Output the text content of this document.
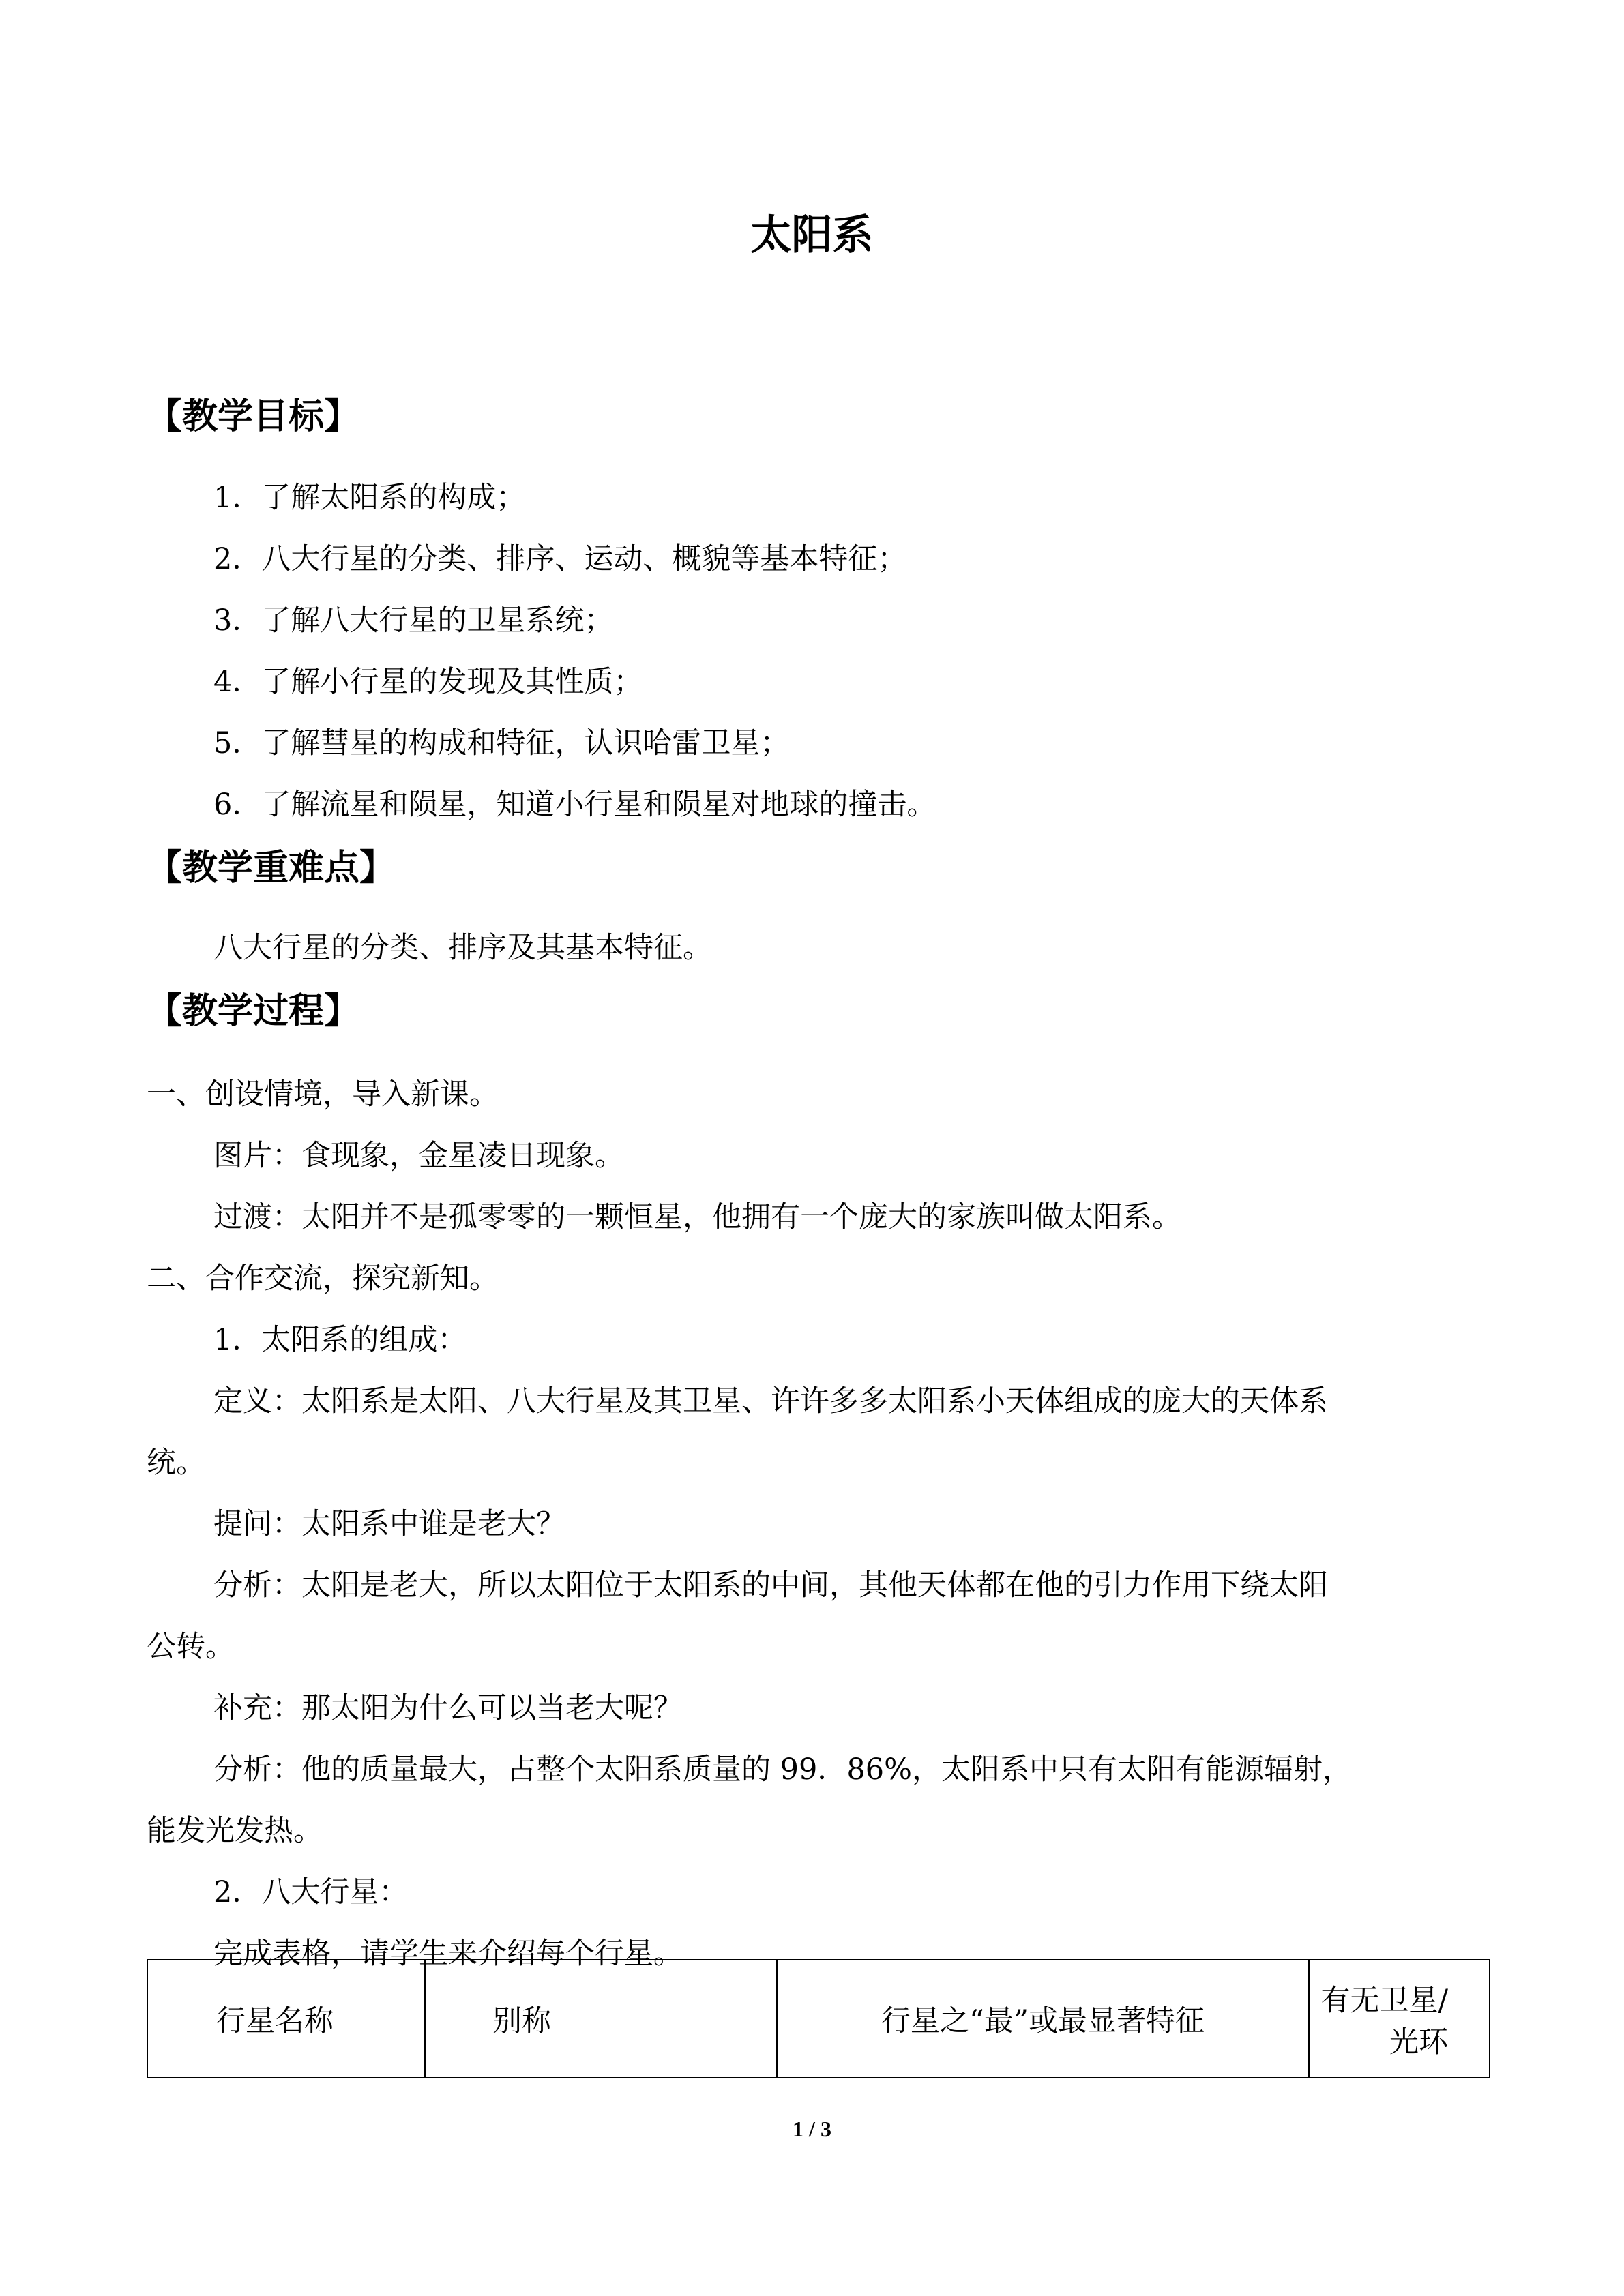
太阳系
【教学目标】
1．了解太阳系的构成；
2．八大行星的分类、排序、运动、概貌等基本特征；
3．了解八大行星的卫星系统；
4．了解小行星的发现及其性质；
5．了解彗星的构成和特征，认识哈雷卫星；
6．了解流星和陨星，知道小行星和陨星对地球的撞击。
【教学重难点】
八大行星的分类、排序及其基本特征。
【教学过程】
一、创设情境，导入新课。
图片：食现象，金星凌日现象。
过渡：太阳并不是孤零零的一颗恒星，他拥有一个庞大的家族叫做太阳系。
二、合作交流，探究新知。
1．太阳系的组成：
定义：太阳系是太阳、八大行星及其卫星、许许多多太阳系小天体组成的庞大的天体系
统。
提问：太阳系中谁是老大？
分析：太阳是老大，所以太阳位于太阳系的中间，其他天体都在他的引力作用下绕太阳
公转。
补充：那太阳为什么可以当老大呢？
分析：他的质量最大，占整个太阳系质量的 99．86%，太阳系中只有太阳有能源辐射，
能发光发热。
2．八大行星：
完成表格，请学生来介绍每个行星。
行星名称	别称	行星之“最”或最显著特征	有无卫星/光环
1 / 3
